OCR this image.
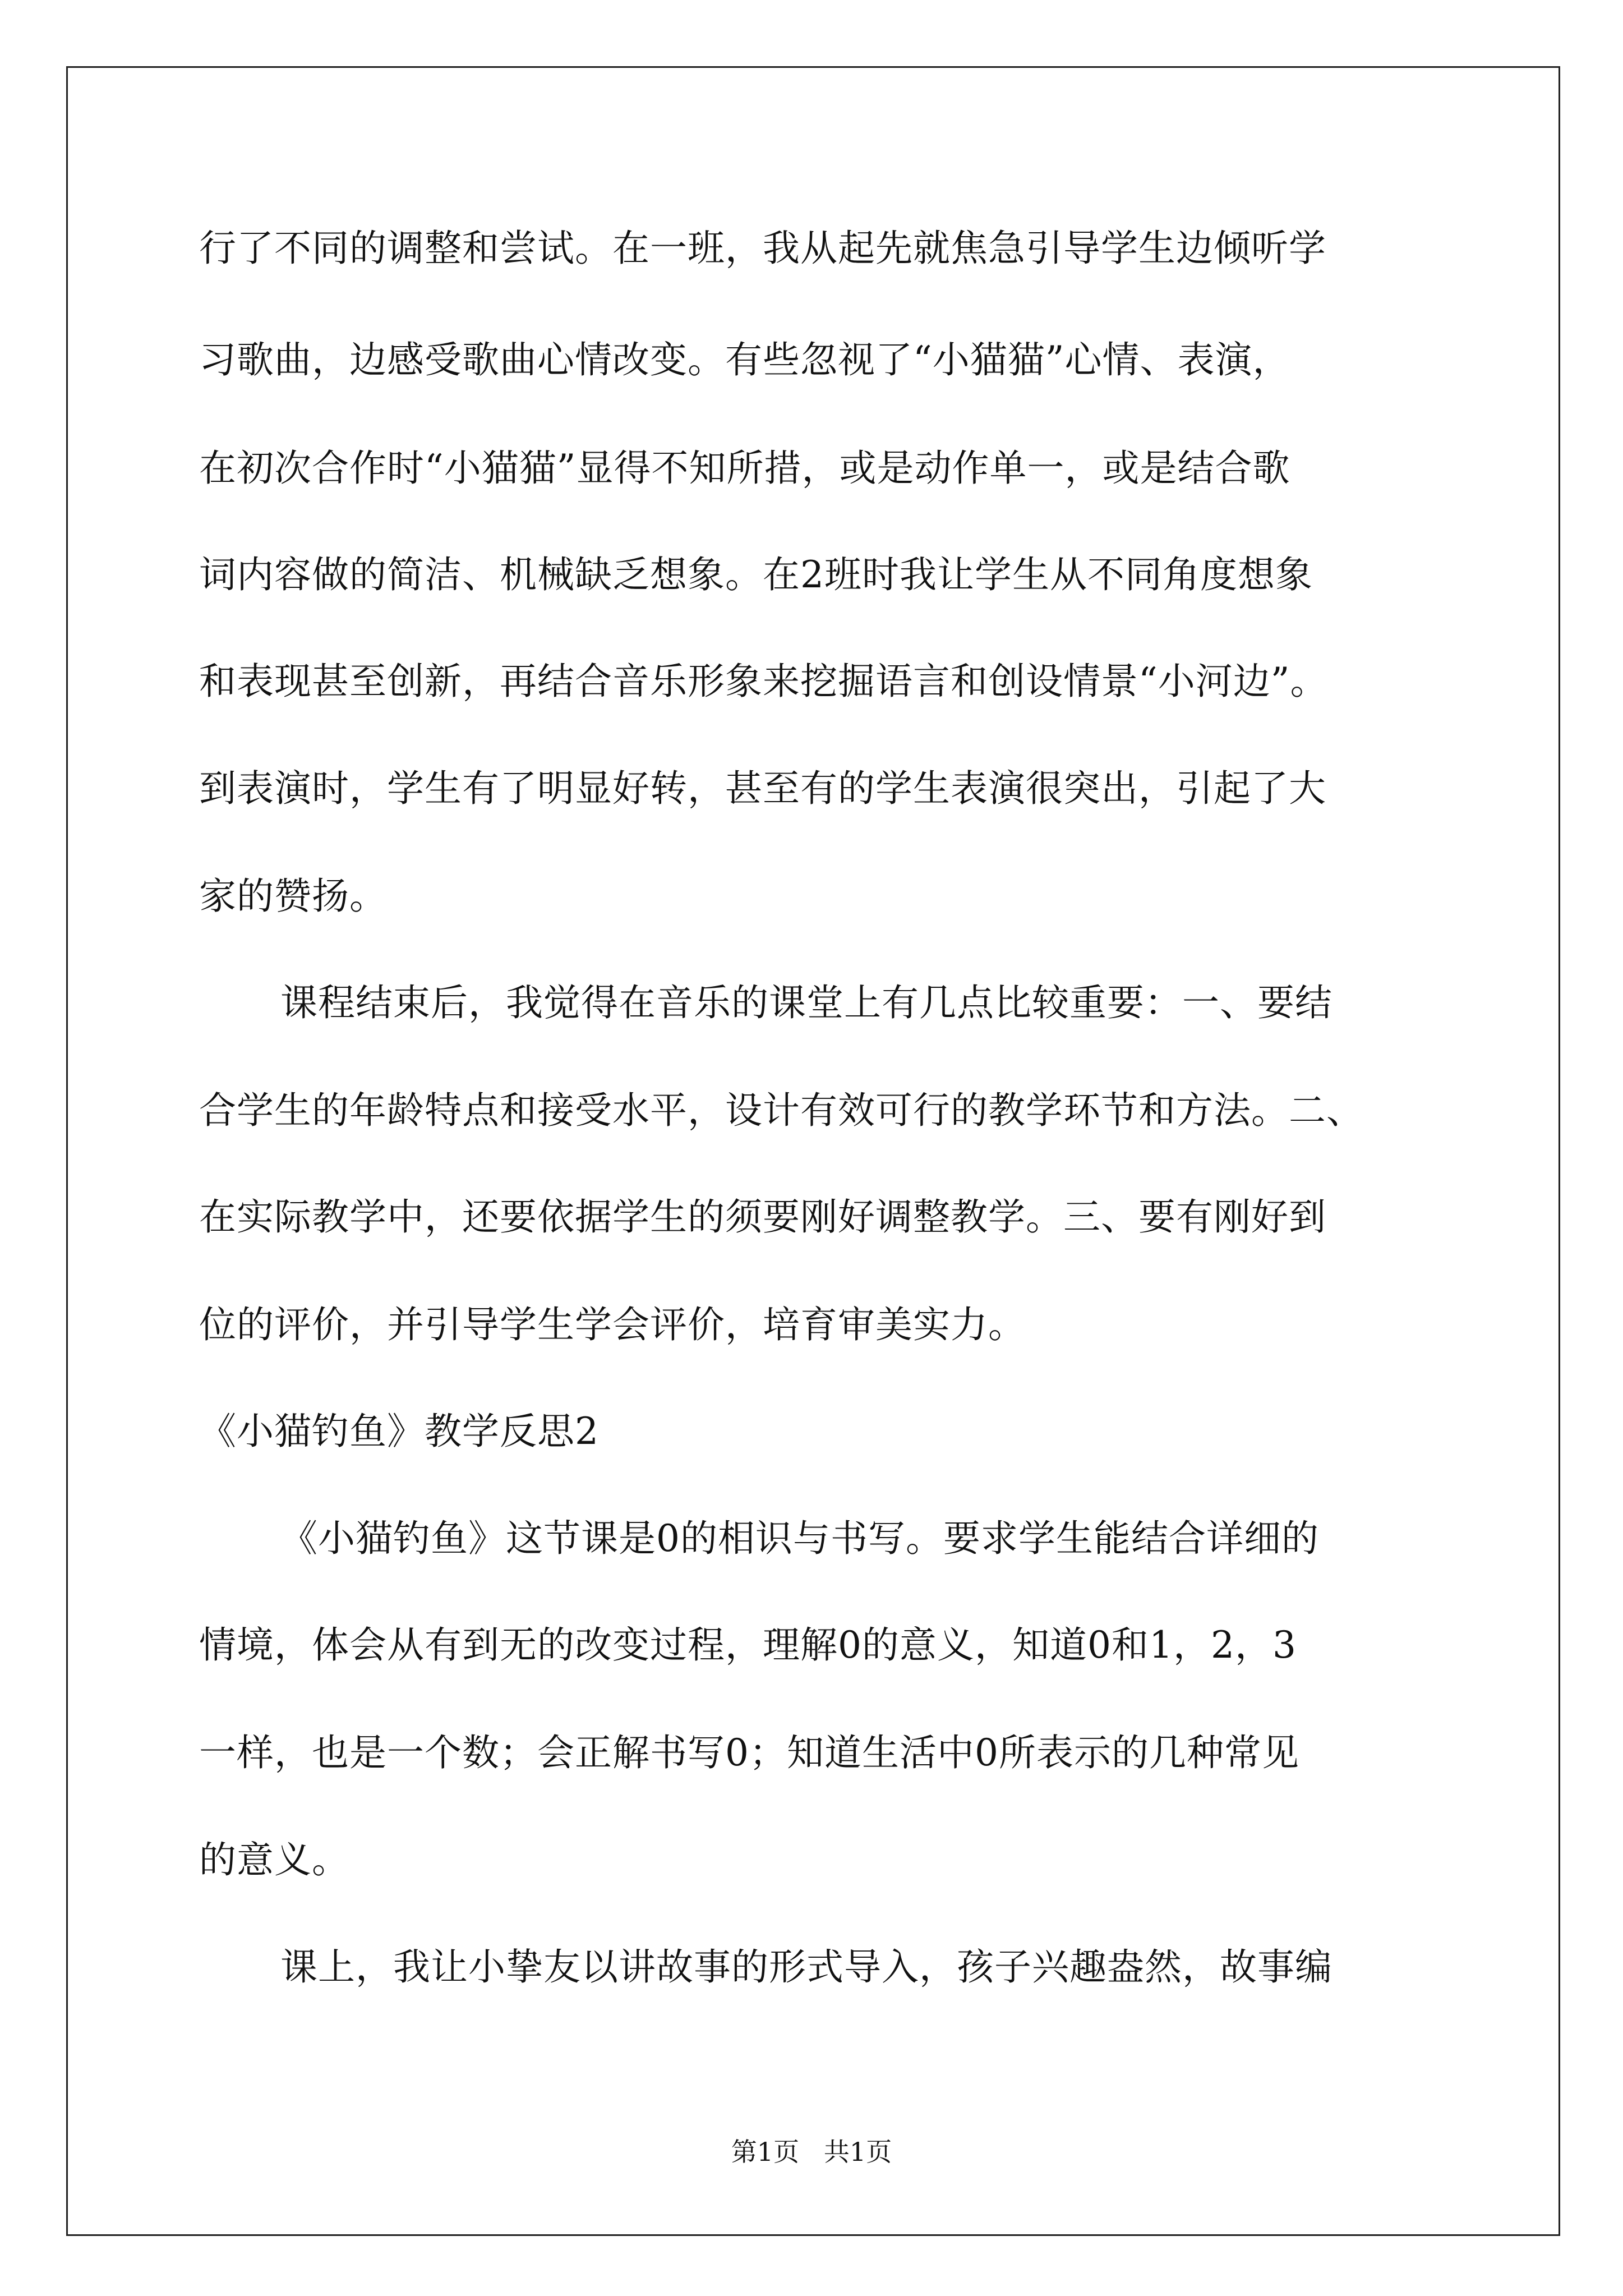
行了不同的调整和尝试。在一班，我从起先就焦急引导学生边倾听学
习歌曲，边感受歌曲心情改变。有些忽视了“小猫猫”心情、表演，
在初次合作时“小猫猫”显得不知所措，或是动作单一，或是结合歌
词内容做的简洁、机械缺乏想象。在2班时我让学生从不同角度想象
和表现甚至创新，再结合音乐形象来挖掘语言和创设情景“小河边”。
到表演时，学生有了明显好转，甚至有的学生表演很突出，引起了大
家的赞扬。
课程结束后，我觉得在音乐的课堂上有几点比较重要：一、要结
合学生的年龄特点和接受水平，设计有效可行的教学环节和方法。二、
在实际教学中，还要依据学生的须要刚好调整教学。三、要有刚好到
位的评价，并引导学生学会评价，培育审美实力。
《小猫钓鱼》教学反思2
《小猫钓鱼》这节课是0的相识与书写。要求学生能结合详细的
情境，体会从有到无的改变过程，理解0的意义，知道0和1，2，3
一样，也是一个数；会正解书写0；知道生活中0所表示的几种常见
的意义。
课上，我让小挚友以讲故事的形式导入，孩子兴趣盎然，故事编
第1页   共1页
